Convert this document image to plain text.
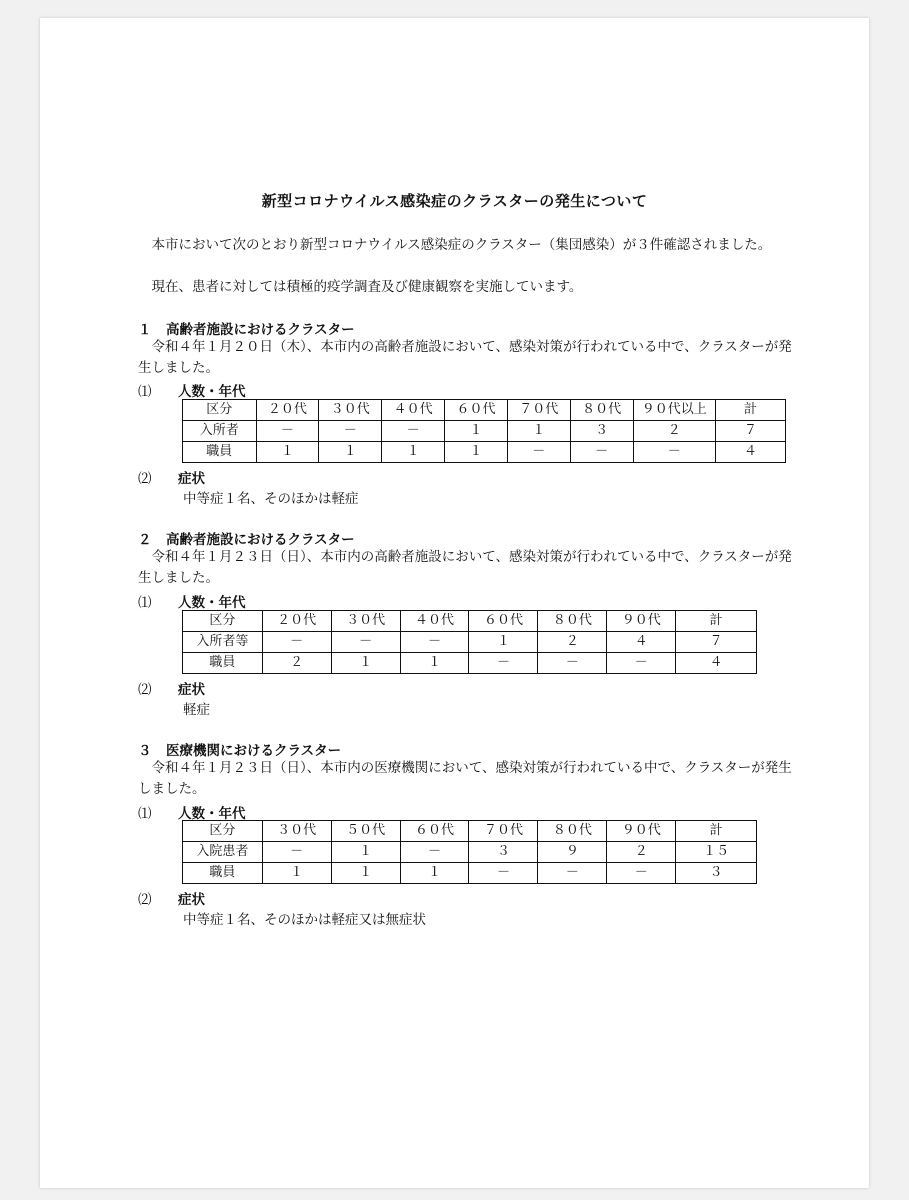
新型コロナウイルス感染症のクラスターの発生について

本市において次のとおり新型コロナウイルス感染症のクラスター（集団感染）が３件確認されました。

現在、患者に対しては積極的疫学調査及び健康観察を実施しています。

１ 高齢者施設におけるクラスター

令和４年１月２０日（木）、本市内の高齢者施設において、感染対策が行われている中で、クラスターが発生しました。

⑴ 人数・年代
区分	２０代	３０代	４０代	６０代	７０代	８０代	９０代以上	計
入所者	－	－	－	１	１	３	２	７
職員	１	１	１	１	－	－	－	４
⑵ 症状
中等症１名、そのほかは軽症
２ 高齢者施設におけるクラスター

令和４年１月２３日（日）、本市内の高齢者施設において、感染対策が行われている中で、クラスターが発生しました。

⑴ 人数・年代
区分	２０代	３０代	４０代	６０代	８０代	９０代	計
入所者等	－	－	－	１	２	４	７
職員	２	１	１	－	－	－	４
⑵ 症状
軽症
３ 医療機関におけるクラスター

令和４年１月２３日（日）、本市内の医療機関において、感染対策が行われている中で、クラスターが発生しました。

⑴ 人数・年代
区分	３０代	５０代	６０代	７０代	８０代	９０代	計
入院患者	－	１	－	３	９	２	１５
職員	１	１	１	－	－	－	３
⑵ 症状
中等症１名、そのほかは軽症又は無症状
